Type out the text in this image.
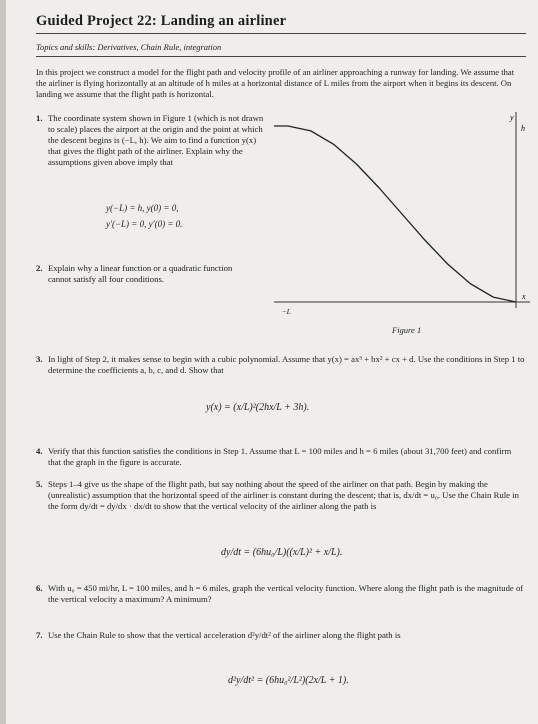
Guided Project 22: Landing an airliner
Topics and skills: Derivatives, Chain Rule, integration
In this project we construct a model for the flight path and velocity profile of an airliner approaching a runway for landing. We assume that the airliner is flying horizontally at an altitude of h miles at a horizontal distance of L miles from the airport when it begins its descent. On landing we assume that the flight path is horizontal.
1. The coordinate system shown in Figure 1 (which is not drawn to scale) places the airport at the origin and the point at which the descent begins is (−L, h). We aim to find a function y(x) that gives the flight path of the airliner. Explain why the assumptions given above imply that
y(−L) = h, y(0) = 0,
y′(−L) = 0, y′(0) = 0.
2. Explain why a linear function or a quadratic function cannot satisfy all four conditions.
y
h
x
−L
Figure 1
3. In light of Step 2, it makes sense to begin with a cubic polynomial. Assume that y(x) = ax³ + bx² + cx + d. Use the conditions in Step 1 to determine the coefficients a, b, c, and d. Show that
y(x) = (x/L)²(2hx/L + 3h).
4. Verify that this function satisfies the conditions in Step 1. Assume that L = 100 miles and h = 6 miles (about 31,700 feet) and confirm that the graph in the figure is accurate.
5. Steps 1–4 give us the shape of the flight path, but say nothing about the speed of the airliner on that path. Begin by making the (unrealistic) assumption that the horizontal speed of the airliner is constant during the descent; that is, dx/dt = u₀. Use the Chain Rule in the form dy/dt = dy/dx · dx/dt to show that the vertical velocity of the airliner along the path is
dy/dt = (6hu₀/L)((x/L)² + x/L).
6. With u₀ = 450 mi/hr, L = 100 miles, and h = 6 miles, graph the vertical velocity function. Where along the flight path is the magnitude of the vertical velocity a maximum? A minimum?
7. Use the Chain Rule to show that the vertical acceleration d²y/dt² of the airliner along the flight path is
d²y/dt² = (6hu₀²/L²)(2x/L + 1).
